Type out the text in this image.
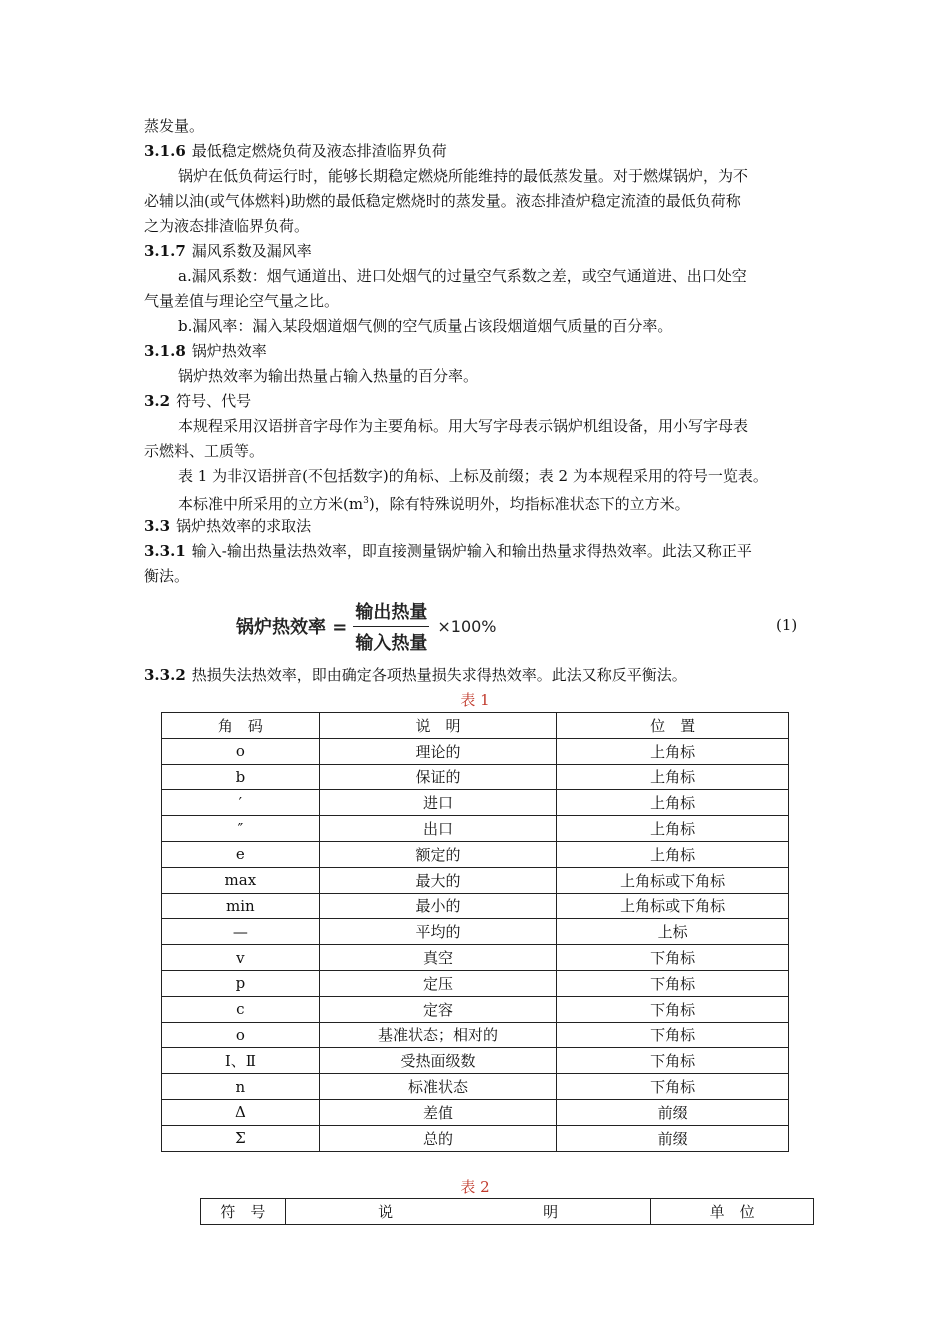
蒸发量。
3.1.6 最低稳定燃烧负荷及液态排渣临界负荷
锅炉在低负荷运行时，能够长期稳定燃烧所能维持的最低蒸发量。对于燃煤锅炉，为不
必辅以油(或气体燃料)助燃的最低稳定燃烧时的蒸发量。液态排渣炉稳定流渣的最低负荷称
之为液态排渣临界负荷。
3.1.7 漏风系数及漏风率
a.漏风系数：烟气通道出、进口处烟气的过量空气系数之差，或空气通道进、出口处空
气量差值与理论空气量之比。
b.漏风率：漏入某段烟道烟气侧的空气质量占该段烟道烟气质量的百分率。
3.1.8 锅炉热效率
锅炉热效率为输出热量占输入热量的百分率。
3.2 符号、代号
本规程采用汉语拼音字母作为主要角标。用大写字母表示锅炉机组设备，用小写字母表
示燃料、工质等。
表 1 为非汉语拼音(不包括数字)的角标、上标及前缀；表 2 为本规程采用的符号一览表。
本标准中所采用的立方米$(m^3)$，除有特殊说明外，均指标准状态下的立方米。
3.3 锅炉热效率的求取法
3.3.1 输入-输出热量法热效率，即直接测量锅炉输入和输出热量求得热效率。此法又称正平
衡法。
锅炉热效率 = $\frac{\text{输出热量}}{\text{输入热量}} \times 100\%$	(1)
3.3.2 热损失法热效率，即由确定各项热量损失求得热效率。此法又称反平衡法。
表 1
角　码	说　明	位　置
o	理论的	上角标
b	保证的	上角标
′	进口	上角标
″	出口	上角标
e	额定的	上角标
max	最大的	上角标或下角标
min	最小的	上角标或下角标
—	平均的	上标
v	真空	下角标
p	定压	下角标
c	定容	下角标
o	基准状态；相对的	下角标
Ⅰ、Ⅱ	受热面级数	下角标
n	标准状态	下角标
Δ	差值	前缀
Σ	总的	前缀
表 2
符　号	说　　　　　　　　　　明	单　位
